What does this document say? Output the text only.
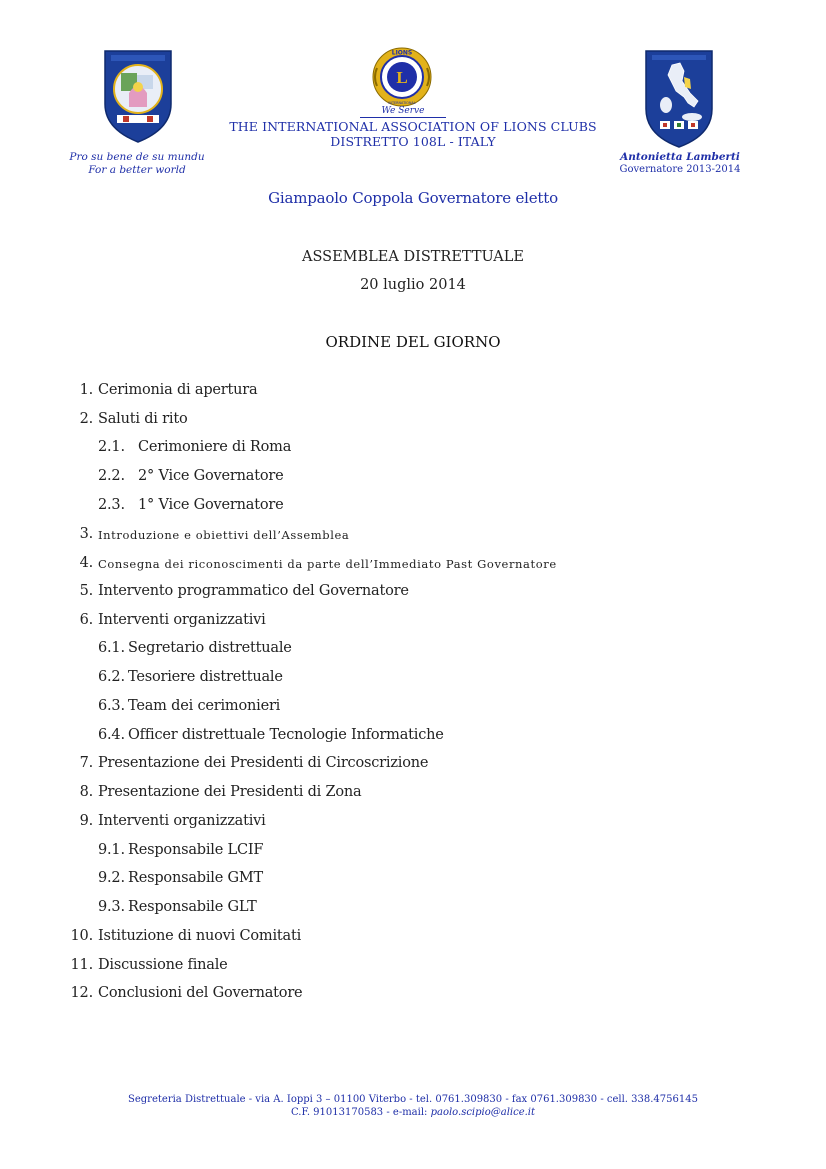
L
LIONS
INTERNATIONAL
We Serve
THE INTERNATIONAL ASSOCIATION OF LIONS CLUBS
DISTRETTO 108L - ITALY
Pro su bene de su mundu
For a better world
Antonietta Lamberti
Governatore 2013-2014
Giampaolo Coppola Governatore eletto
ASSEMBLEA DISTRETTUALE
20 luglio 2014
ORDINE DEL GIORNO
1. Cerimonia di apertura
2. Saluti di rito
2.1. Cerimoniere di Roma
2.2. 2° Vice Governatore
2.3. 1° Vice Governatore
3. Introduzione e obiettivi dell’Assemblea
4. Consegna dei riconoscimenti da parte dell’Immediato Past Governatore
5. Intervento programmatico del Governatore
6. Interventi organizzativi
6.1. Segretario distrettuale
6.2. Tesoriere distrettuale
6.3. Team dei cerimonieri
6.4. Officer distrettuale Tecnologie Informatiche
7. Presentazione dei Presidenti di Circoscrizione
8. Presentazione dei Presidenti di Zona
9. Interventi organizzativi
9.1. Responsabile LCIF
9.2. Responsabile GMT
9.3. Responsabile GLT
10. Istituzione di nuovi Comitati
11. Discussione finale
12. Conclusioni del Governatore
Segreteria Distrettuale - via A. Ioppi 3 – 01100 Viterbo - tel. 0761.309830 - fax 0761.309830 - cell. 338.4756145
C.F. 91013170583 - e-mail: paolo.scipio@alice.it
